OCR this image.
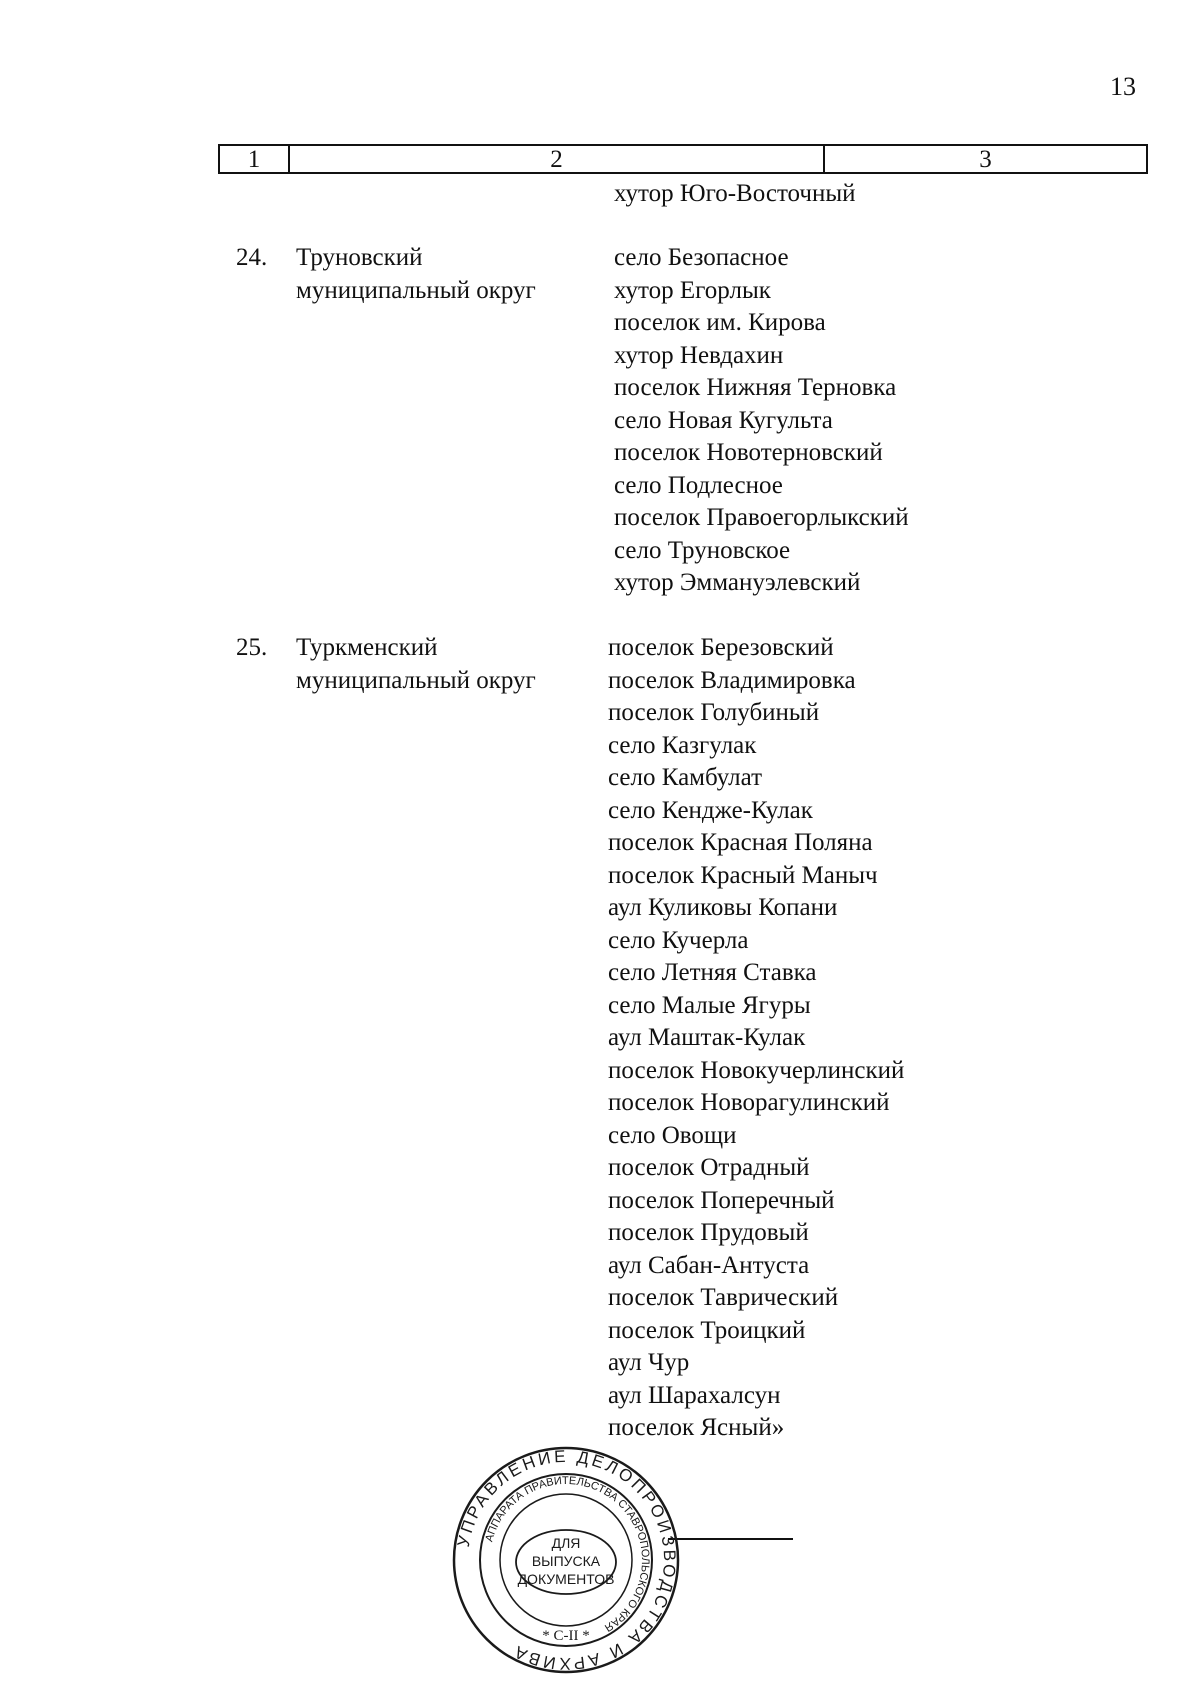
13
1	2	3
хутор Юго-Восточный
24. Труновский
муниципальный округ
село Безопасное
хутор Егорлык
поселок им. Кирова
хутор Невдахин
поселок Нижняя Терновка
село Новая Кугульта
поселок Новотерновский
село Подлесное
поселок Правоегорлыкский
село Труновское
хутор Эммануэлевский
25. Туркменский
муниципальный округ
поселок Березовский
поселок Владимировка
поселок Голубиный
село Казгулак
село Камбулат
село Кендже-Кулак
поселок Красная Поляна
поселок Красный Маныч
аул Куликовы Копани
село Кучерла
село Летняя Ставка
село Малые Ягуры
аул Маштак-Кулак
поселок Новокучерлинский
поселок Новорагулинский
село Овощи
поселок Отрадный
поселок Поперечный
поселок Прудовый
аул Сабан-Антуста
поселок Таврический
поселок Троицкий
аул Чур
аул Шарахалсун
поселок Ясный»
УПРАВЛЕНИЕ ДЕЛОПРОИЗВОДСТВА И АРХИВА
АППАРАТА ПРАВИТЕЛЬСТВА СТАВРОПОЛЬСКОГО КРАЯ
ДЛЯ
ВЫПУСКА
ДОКУМЕНТОВ
* С-II *
